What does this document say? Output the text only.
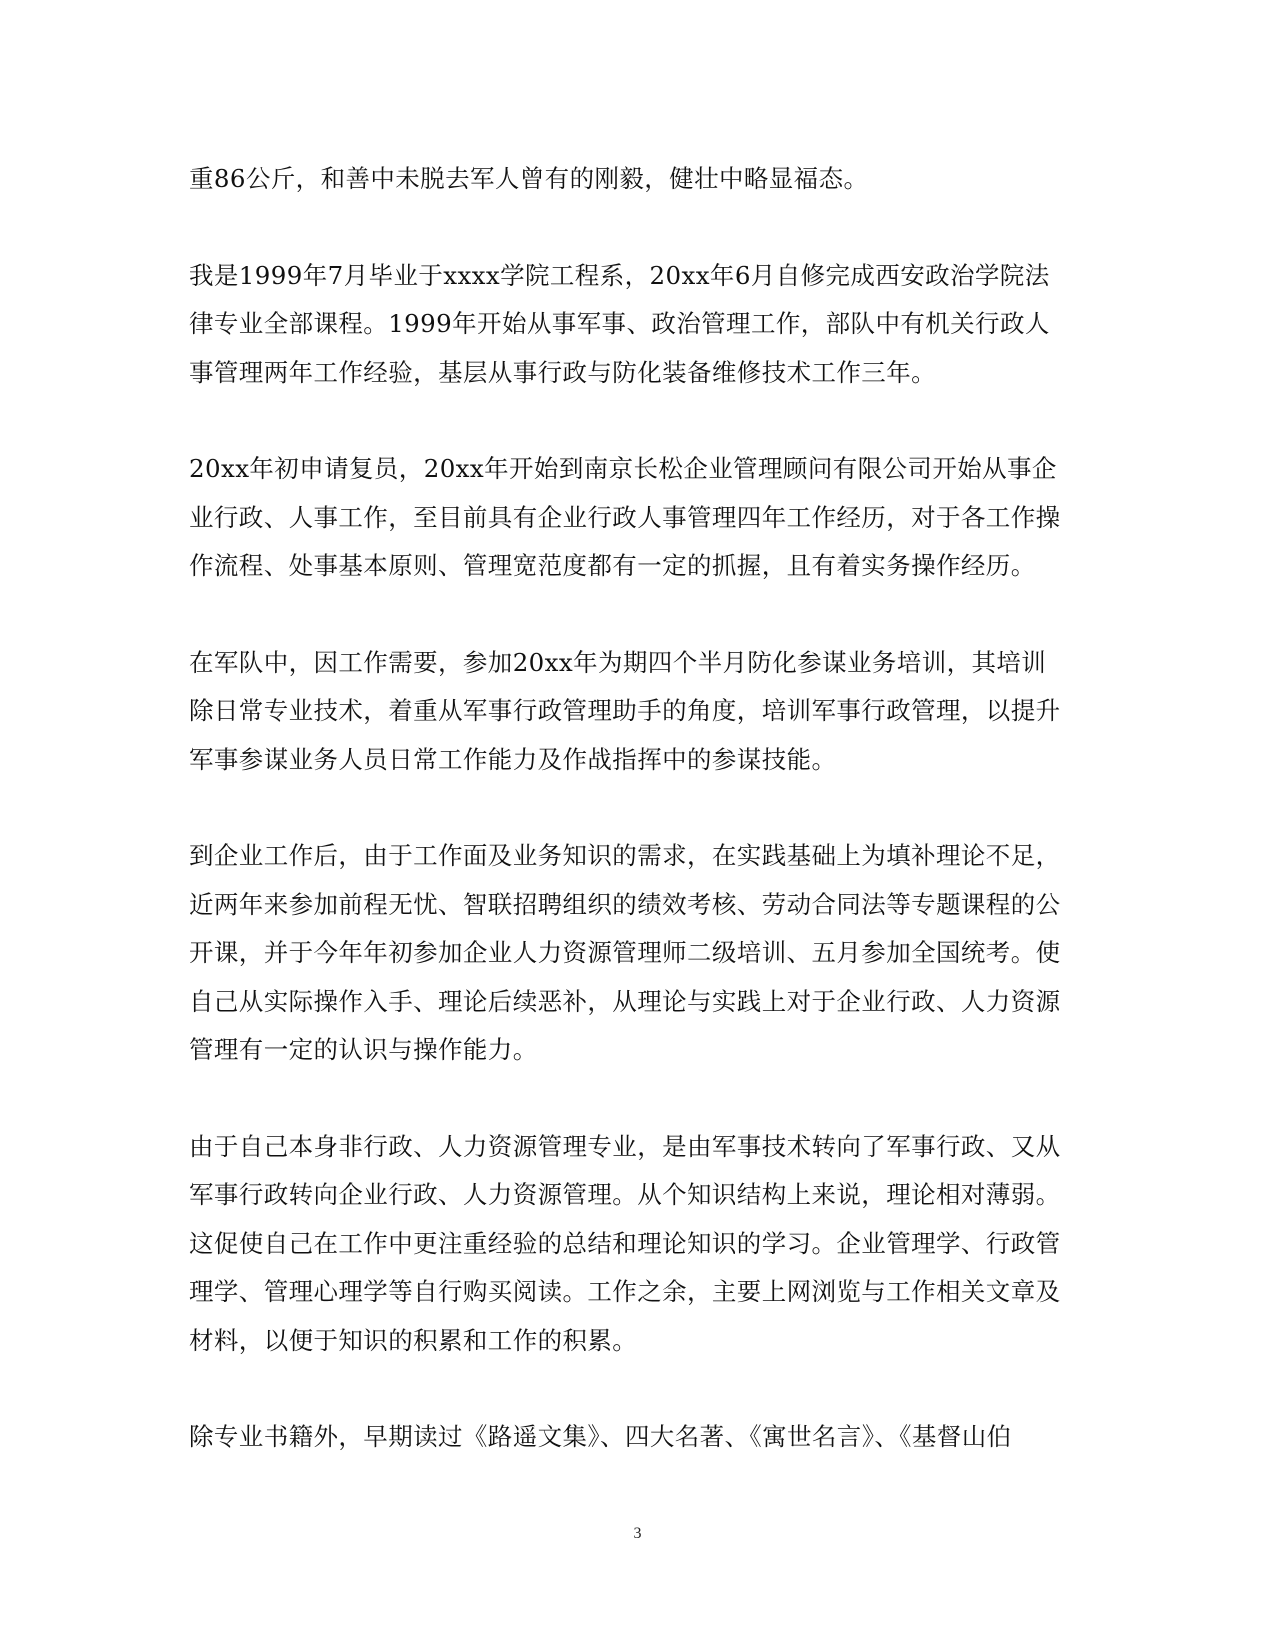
重86公斤，和善中未脱去军人曾有的刚毅，健壮中略显福态。

我是1999年7月毕业于xxxx学院工程系，20xx年6月自修完成西安政治学院法律专业全部课程。1999年开始从事军事、政治管理工作，部队中有机关行政人事管理两年工作经验，基层从事行政与防化装备维修技术工作三年。

20xx年初申请复员，20xx年开始到南京长松企业管理顾问有限公司开始从事企业行政、人事工作，至目前具有企业行政人事管理四年工作经历，对于各工作操作流程、处事基本原则、管理宽范度都有一定的抓握，且有着实务操作经历。

在军队中，因工作需要，参加20xx年为期四个半月防化参谋业务培训，其培训除日常专业技术，着重从军事行政管理助手的角度，培训军事行政管理，以提升军事参谋业务人员日常工作能力及作战指挥中的参谋技能。

到企业工作后，由于工作面及业务知识的需求，在实践基础上为填补理论不足，近两年来参加前程无忧、智联招聘组织的绩效考核、劳动合同法等专题课程的公开课，并于今年年初参加企业人力资源管理师二级培训、五月参加全国统考。使自己从实际操作入手、理论后续恶补，从理论与实践上对于企业行政、人力资源管理有一定的认识与操作能力。

由于自己本身非行政、人力资源管理专业，是由军事技术转向了军事行政、又从军事行政转向企业行政、人力资源管理。从个知识结构上来说，理论相对薄弱。这促使自己在工作中更注重经验的总结和理论知识的学习。企业管理学、行政管理学、管理心理学等自行购买阅读。工作之余，主要上网浏览与工作相关文章及材料，以便于知识的积累和工作的积累。

除专业书籍外，早期读过《路遥文集》、四大名著、《寓世名言》、《基督山伯

3
